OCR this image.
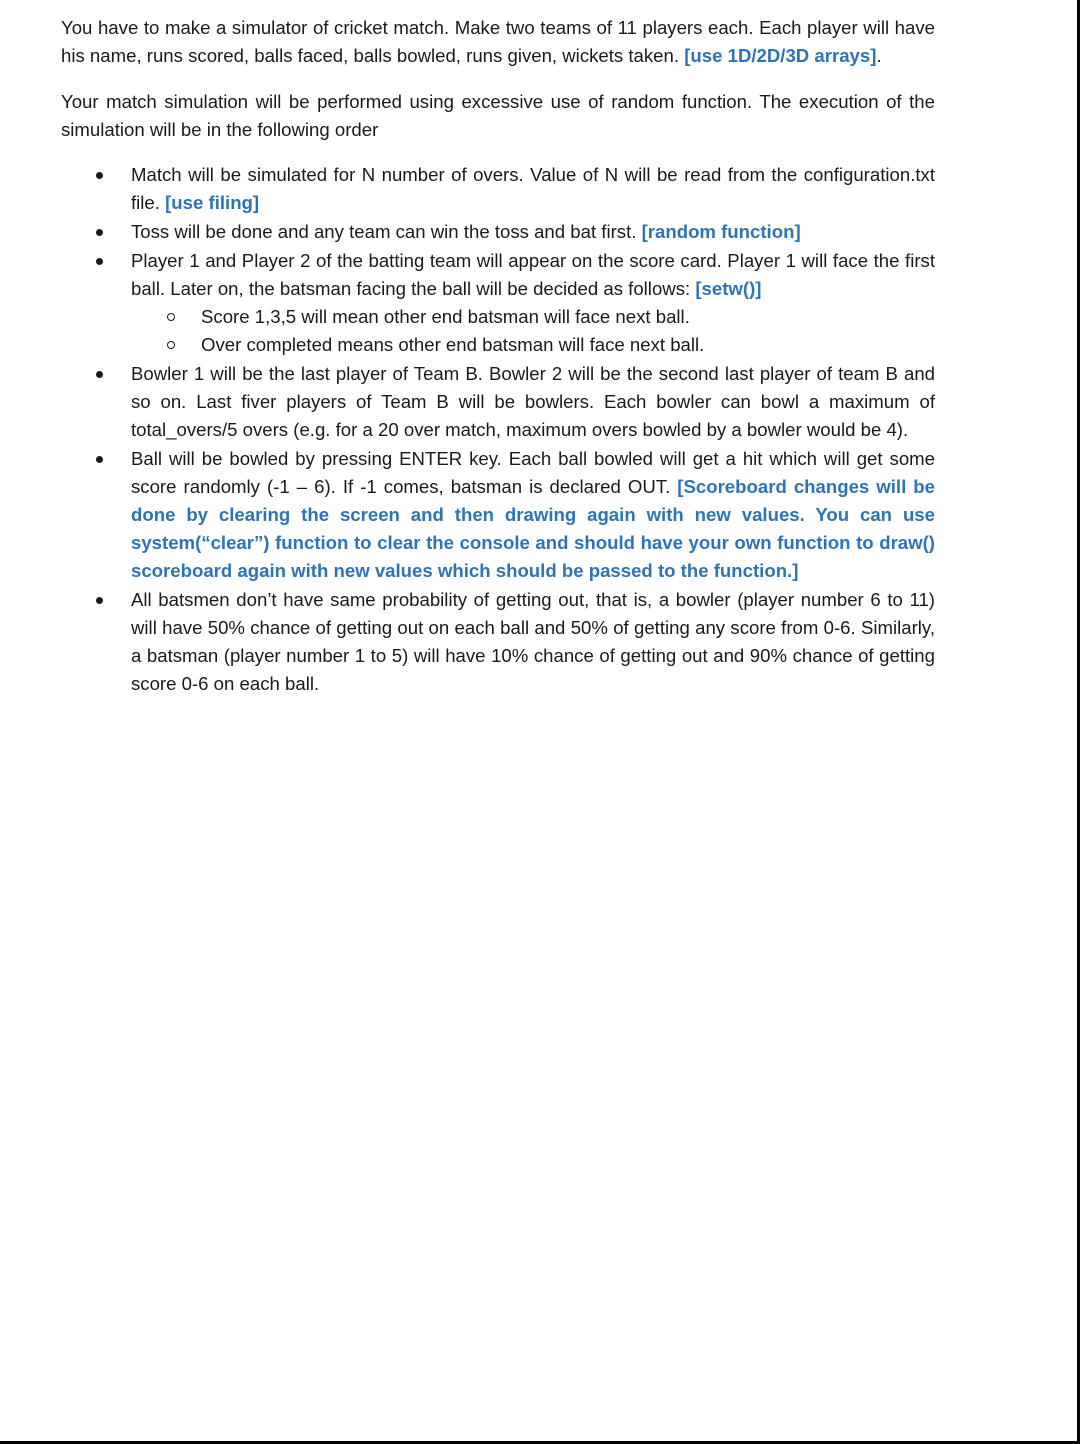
You have to make a simulator of cricket match. Make two teams of 11 players each. Each player will have his name, runs scored, balls faced, balls bowled, runs given, wickets taken. [use 1D/2D/3D arrays].

Your match simulation will be performed using excessive use of random function. The execution of the simulation will be in the following order

Match will be simulated for N number of overs. Value of N will be read from the configuration.txt file. [use filing]
Toss will be done and any team can win the toss and bat first. [random function]
Player 1 and Player 2 of the batting team will appear on the score card. Player 1 will face the first ball. Later on, the batsman facing the ball will be decided as follows: [setw()]
Score 1,3,5 will mean other end batsman will face next ball.
Over completed means other end batsman will face next ball.
Bowler 1 will be the last player of Team B. Bowler 2 will be the second last player of team B and so on. Last fiver players of Team B will be bowlers. Each bowler can bowl a maximum of total_overs/5 overs (e.g. for a 20 over match, maximum overs bowled by a bowler would be 4).
Ball will be bowled by pressing ENTER key. Each ball bowled will get a hit which will get some score randomly (-1 – 6). If -1 comes, batsman is declared OUT. [Scoreboard changes will be done by clearing the screen and then drawing again with new values. You can use system(“clear”) function to clear the console and should have your own function to draw() scoreboard again with new values which should be passed to the function.]
All batsmen don’t have same probability of getting out, that is, a bowler (player number 6 to 11) will have 50% chance of getting out on each ball and 50% of getting any score from 0-6. Similarly, a batsman (player number 1 to 5) will have 10% chance of getting out and 90% chance of getting score 0-6 on each ball.
